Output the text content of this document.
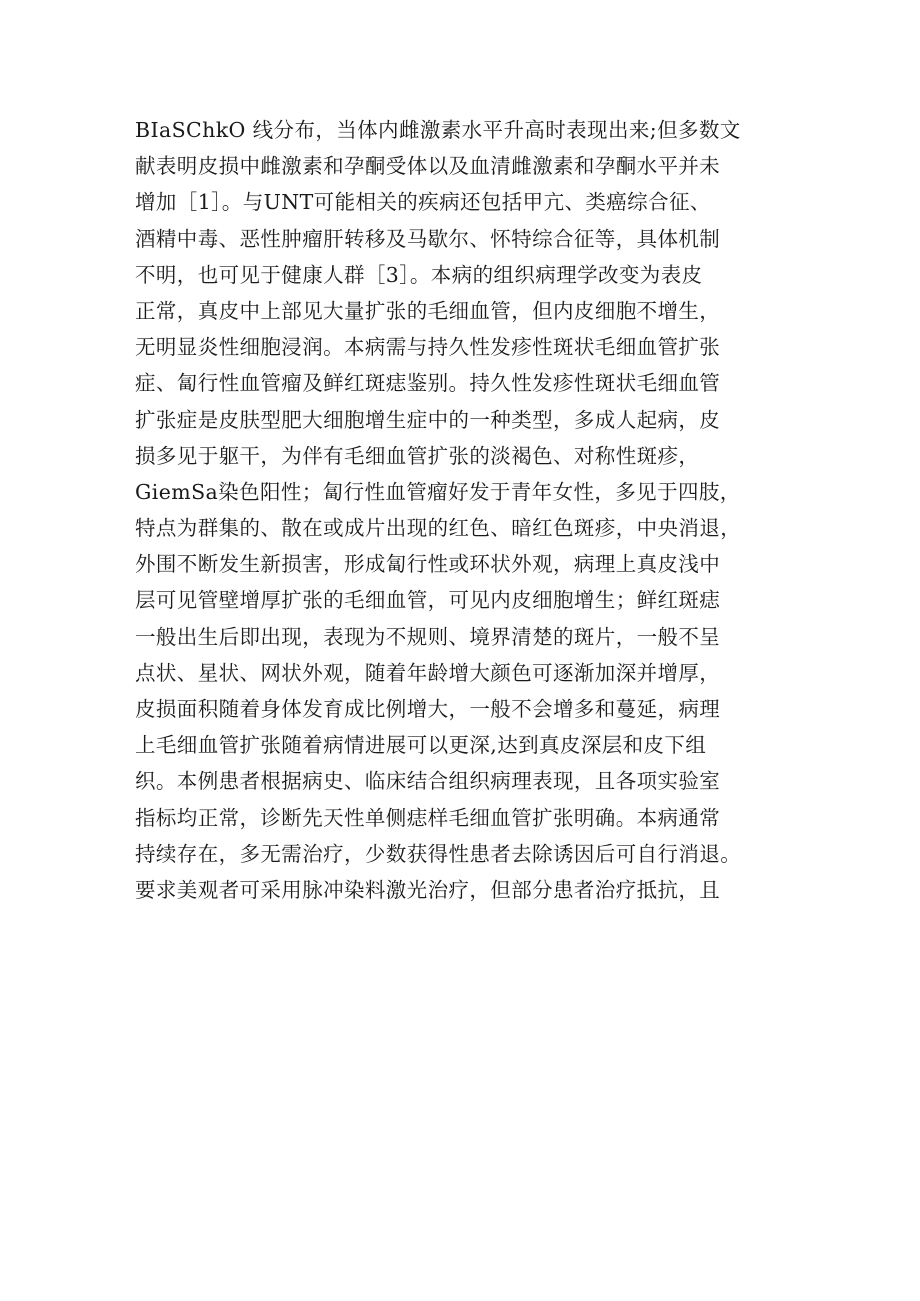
BIaSChkO 线分布，当体内雌激素水平升高时表现出来;但多数文
献表明皮损中雌激素和孕酮受体以及血清雌激素和孕酮水平并未
增加［1］。与UNT可能相关的疾病还包括甲亢、类癌综合征、
酒精中毒、恶性肿瘤肝转移及马歇尔、怀特综合征等，具体机制
不明，也可见于健康人群［3］。本病的组织病理学改变为表皮
正常，真皮中上部见大量扩张的毛细血管，但内皮细胞不增生，
无明显炎性细胞浸润。本病需与持久性发疹性斑状毛细血管扩张
症、匐行性血管瘤及鲜红斑痣鉴别。持久性发疹性斑状毛细血管
扩张症是皮肤型肥大细胞增生症中的一种类型，多成人起病，皮
损多见于躯干，为伴有毛细血管扩张的淡褐色、对称性斑疹，
GiemSa染色阳性；匐行性血管瘤好发于青年女性，多见于四肢，
特点为群集的、散在或成片出现的红色、暗红色斑疹，中央消退，
外围不断发生新损害，形成匐行性或环状外观，病理上真皮浅中
层可见管壁增厚扩张的毛细血管，可见内皮细胞增生；鲜红斑痣
一般出生后即出现，表现为不规则、境界清楚的斑片，一般不呈
点状、星状、网状外观，随着年龄增大颜色可逐渐加深并增厚，
皮损面积随着身体发育成比例增大，一般不会增多和蔓延，病理
上毛细血管扩张随着病情进展可以更深,达到真皮深层和皮下组
织。本例患者根据病史、临床结合组织病理表现，且各项实验室
指标均正常，诊断先天性单侧痣样毛细血管扩张明确。本病通常
持续存在，多无需治疗，少数获得性患者去除诱因后可自行消退。
要求美观者可采用脉冲染料激光治疗，但部分患者治疗抵抗，且
